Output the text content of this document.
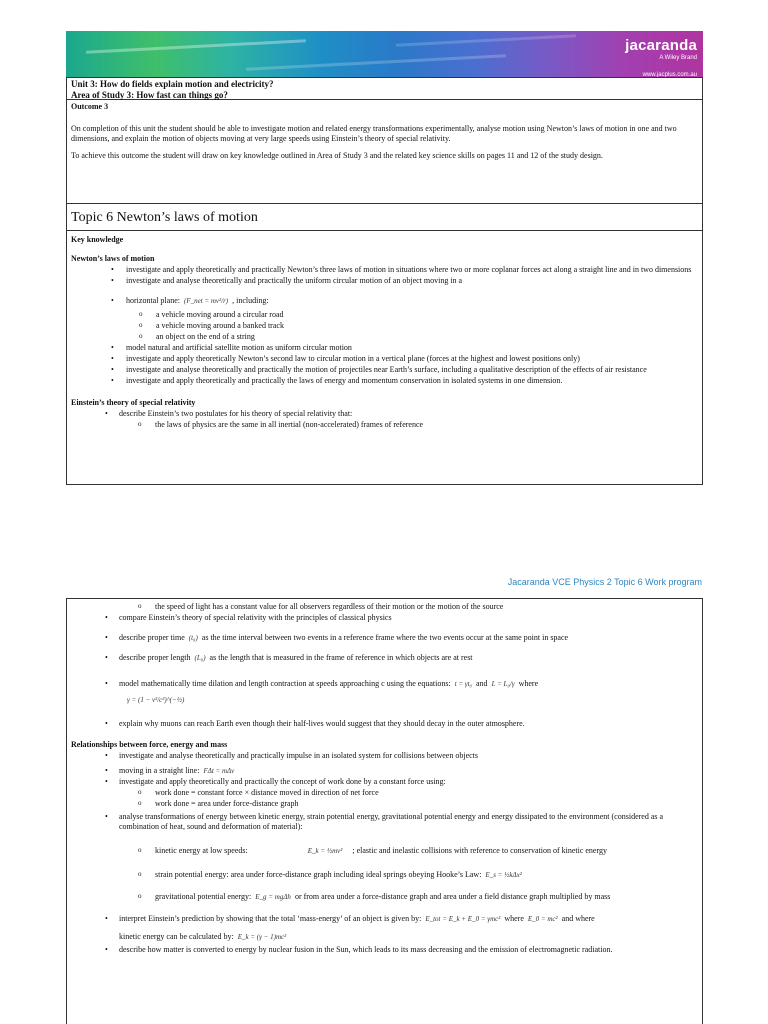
jacaranda
A Wiley Brand
www.jacplus.com.au
Unit 3: How do fields explain motion and electricity?
Area of Study 3: How fast can things go?
Outcome 3
On completion of this unit the student should be able to investigate motion and related energy transformations experimentally, analyse motion using Newton’s laws of motion in one and two dimensions, and explain the motion of objects moving at very large speeds using Einstein’s theory of special relativity.
To achieve this outcome the student will draw on key knowledge outlined in Area of Study 3 and the related key science skills on pages 11 and 12 of the study design.
Topic 6 Newton’s laws of motion
Key knowledge
Newton’s laws of motion
• investigate and apply theoretically and practically Newton’s three laws of motion in situations where two or more coplanar forces act along a straight line and in two dimensions
• investigate and analyse theoretically and practically the uniform circular motion of an object moving in a
• horizontal plane: (F_net = mv²/r) , including:
o a vehicle moving around a circular road
o a vehicle moving around a banked track
o an object on the end of a string
• model natural and artificial satellite motion as uniform circular motion
• investigate and apply theoretically Newton’s second law to circular motion in a vertical plane (forces at the highest and lowest positions only)
• investigate and analyse theoretically and practically the motion of projectiles near Earth’s surface, including a qualitative description of the effects of air resistance
• investigate and apply theoretically and practically the laws of energy and momentum conservation in isolated systems in one dimension.
Einstein’s theory of special relativity
• describe Einstein’s two postulates for his theory of special relativity that:
o the laws of physics are the same in all inertial (non-accelerated) frames of reference
Jacaranda VCE Physics 2 Topic 6 Work program
o the speed of light has a constant value for all observers regardless of their motion or the motion of the source
• compare Einstein’s theory of special relativity with the principles of classical physics
• describe proper time (t₀) as the time interval between two events in a reference frame where the two events occur at the same point in space
• describe proper length (L₀) as the length that is measured in the frame of reference in which objects are at rest
• model mathematically time dilation and length contraction at speeds approaching c using the equations: t = γt₀ and L = L₀/γ where
γ = (1 − v²/c²)^(−½)
• explain why muons can reach Earth even though their half-lives would suggest that they should decay in the outer atmosphere.
Relationships between force, energy and mass
• investigate and analyse theoretically and practically impulse in an isolated system for collisions between objects
• moving in a straight line: FΔt = mΔv
• investigate and apply theoretically and practically the concept of work done by a constant force using:
o work done = constant force × distance moved in direction of net force
o work done = area under force-distance graph
• analyse transformations of energy between kinetic energy, strain potential energy, gravitational potential energy and energy dissipated to the environment (considered as a combination of heat, sound and deformation of material):
o kinetic energy at low speeds:	E_k = ½mv² ; elastic and inelastic collisions with reference to conservation of kinetic energy
o strain potential energy: area under force-distance graph including ideal springs obeying Hooke’s Law: E_s = ½kΔx²
o gravitational potential energy: E_g = mgΔh or from area under a force-distance graph and area under a field distance graph multiplied by mass
• interpret Einstein’s prediction by showing that the total ‘mass-energy’ of an object is given by: E_tot = E_k + E_0 = γmc² where E_0 = mc² and where
kinetic energy can be calculated by: E_k = (γ − 1)mc²
• describe how matter is converted to energy by nuclear fusion in the Sun, which leads to its mass decreasing and the emission of electromagnetic radiation.
